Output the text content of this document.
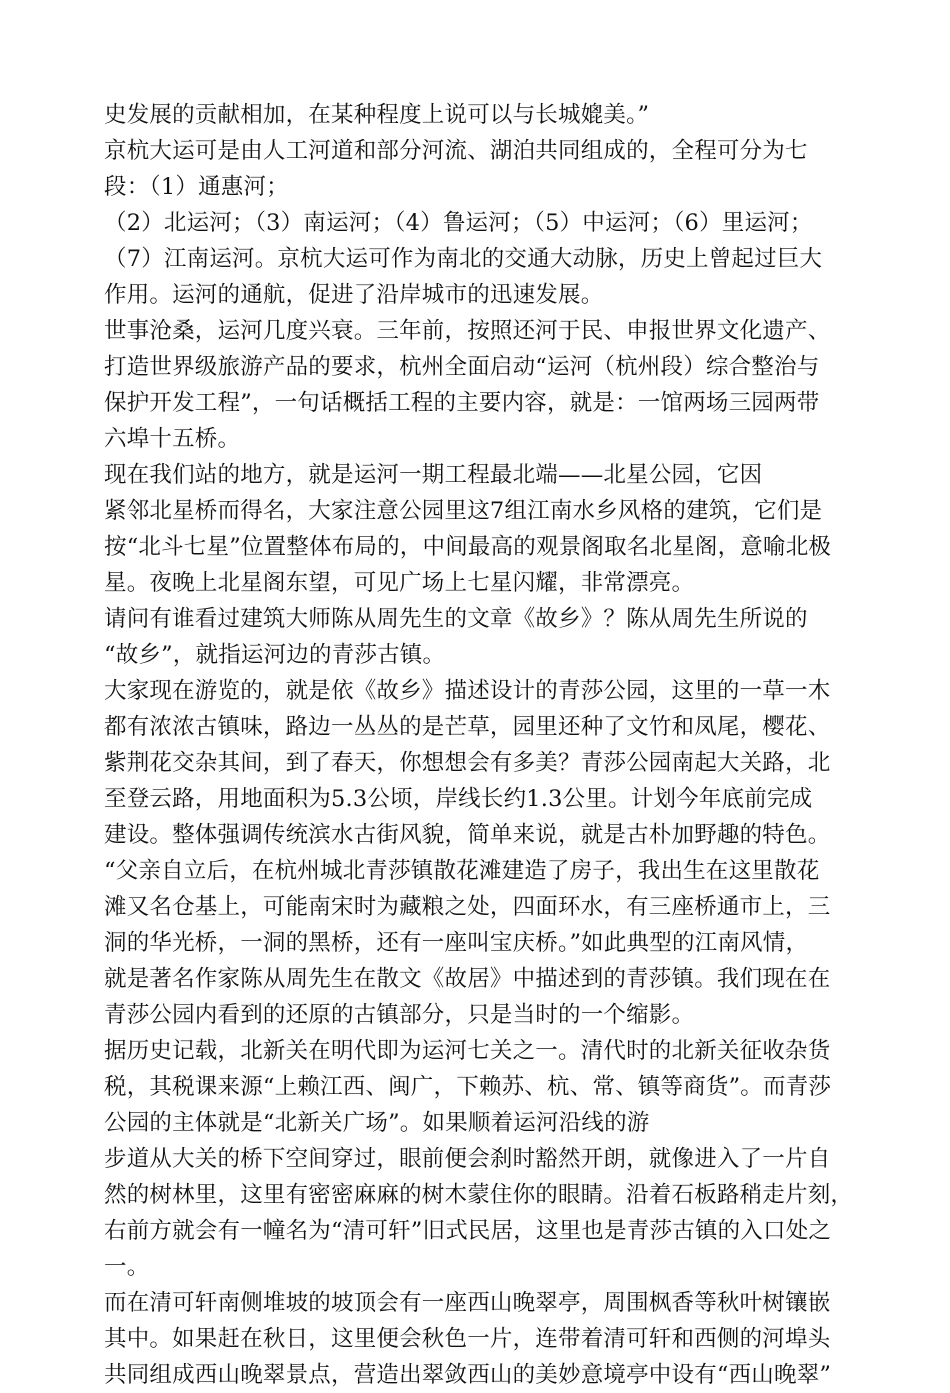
史发展的贡献相加，在某种程度上说可以与长城媲美。”
京杭大运可是由人工河道和部分河流、湖泊共同组成的，全程可分为七
段：（1）通惠河；
（2）北运河；（3）南运河；（4）鲁运河；（5）中运河；（6）里运河；
（7）江南运河。京杭大运可作为南北的交通大动脉，历史上曾起过巨大
作用。运河的通航，促进了沿岸城市的迅速发展。
世事沧桑，运河几度兴衰。三年前，按照还河于民、申报世界文化遗产、
打造世界级旅游产品的要求，杭州全面启动“运河（杭州段）综合整治与
保护开发工程”，一句话概括工程的主要内容，就是：一馆两场三园两带
六埠十五桥。
现在我们站的地方，就是运河一期工程最北端——北星公园，它因
紧邻北星桥而得名，大家注意公园里这7组江南水乡风格的建筑，它们是
按“北斗七星”位置整体布局的，中间最高的观景阁取名北星阁，意喻北极
星。夜晚上北星阁东望，可见广场上七星闪耀，非常漂亮。
请问有谁看过建筑大师陈从周先生的文章《故乡》？陈从周先生所说的
“故乡”，就指运河边的青莎古镇。
大家现在游览的，就是依《故乡》描述设计的青莎公园，这里的一草一木
都有浓浓古镇味，路边一丛丛的是芒草，园里还种了文竹和凤尾，樱花、
紫荆花交杂其间，到了春天，你想想会有多美？青莎公园南起大关路，北
至登云路，用地面积为5.3公顷，岸线长约1.3公里。计划今年底前完成
建设。整体强调传统滨水古街风貌，简单来说，就是古朴加野趣的特色。
“父亲自立后，在杭州城北青莎镇散花滩建造了房子，我出生在这里散花
滩又名仓基上，可能南宋时为藏粮之处，四面环水，有三座桥通市上，三
洞的华光桥，一洞的黑桥，还有一座叫宝庆桥。”如此典型的江南风情，
就是著名作家陈从周先生在散文《故居》中描述到的青莎镇。我们现在在
青莎公园内看到的还原的古镇部分，只是当时的一个缩影。
据历史记载，北新关在明代即为运河七关之一。清代时的北新关征收杂货
税，其税课来源“上赖江西、闽广，下赖苏、杭、常、镇等商货”。而青莎
公园的主体就是“北新关广场”。如果顺着运河沿线的游
步道从大关的桥下空间穿过，眼前便会刹时豁然开朗，就像进入了一片自
然的树林里，这里有密密麻麻的树木蒙住你的眼睛。沿着石板路稍走片刻，
右前方就会有一幢名为“清可轩”旧式民居，这里也是青莎古镇的入口处之
一。
而在清可轩南侧堆坡的坡顶会有一座西山晚翠亭，周围枫香等秋叶树镶嵌
其中。如果赶在秋日，这里便会秋色一片，连带着清可轩和西侧的河埠头
共同组成西山晚翠景点，营造出翠敛西山的美妙意境亭中设有“西山晚翠”
